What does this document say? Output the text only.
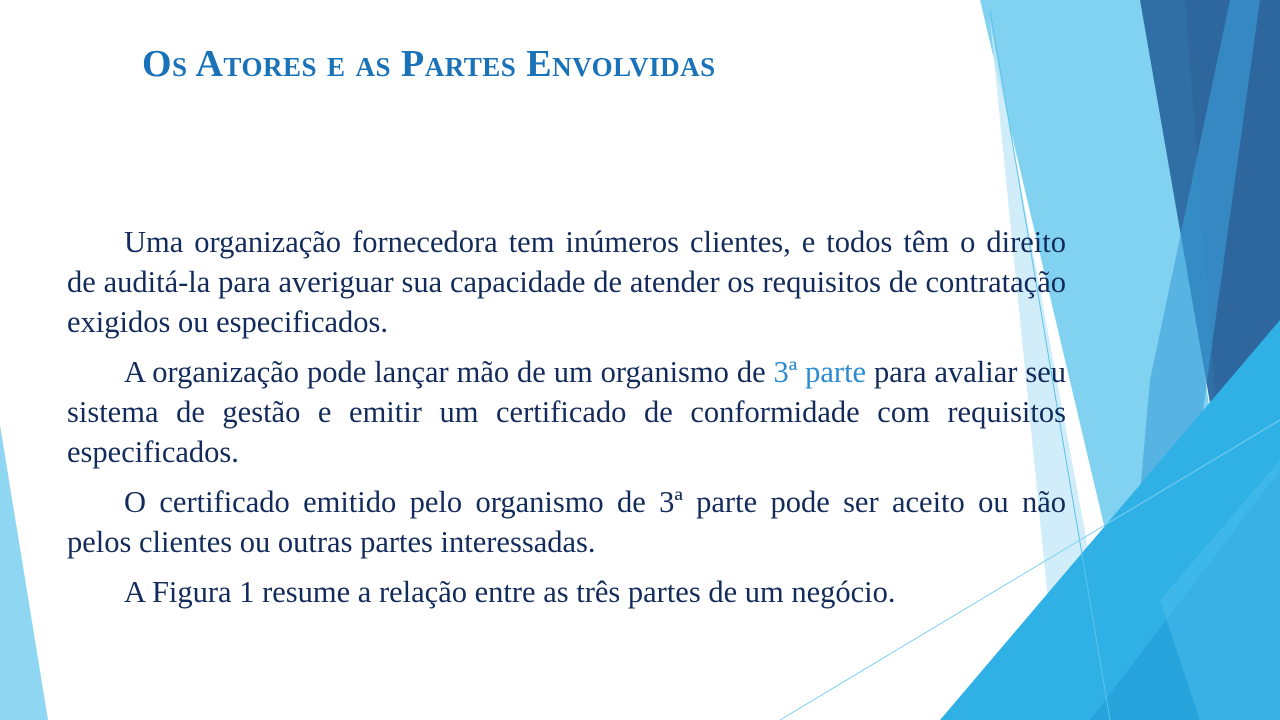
Os Atores e as Partes Envolvidas

Uma organização fornecedora tem inúmeros clientes, e todos têm o direito de auditá-la para averiguar sua capacidade de atender os requisitos de contratação exigidos ou especificados.

A organização pode lançar mão de um organismo de 3ª parte para avaliar seu sistema de gestão e emitir um certificado de conformidade com requisitos especificados.

O certificado emitido pelo organismo de 3ª parte pode ser aceito ou não pelos clientes ou outras partes interessadas.

A Figura 1 resume a relação entre as três partes de um negócio.
